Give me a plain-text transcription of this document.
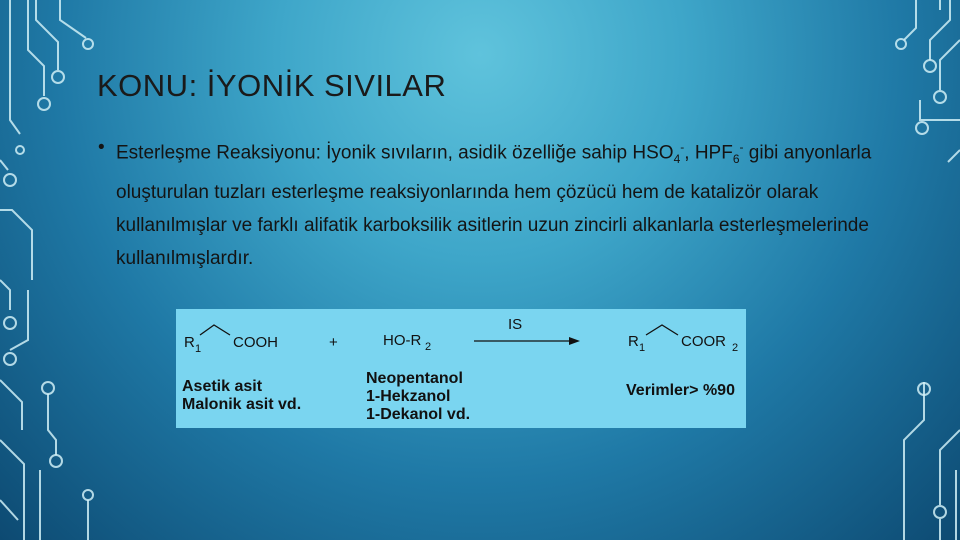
KONU: İYONİK SIVILAR
• Esterleşme Reaksiyonu: İyonik sıvıların, asidik özelliğe sahip $HSO_4^-$, $HPF_6^-$ gibi anyonlarla oluşturulan tuzları esterleşme reaksiyonlarında hem çözücü hem de katalizör olarak kullanılmışlar ve farklı alifatik karboksilik asitlerin uzun zincirli alkanlarla esterleşmelerinde kullanılmışlardır.
R 1 COOH	+	HO-R 2
IS
R 1 COOR 2
Asetik asit
Malonik asit vd.
Neopentanol
1-Hekzanol
1-Dekanol vd.
Verimler> %90
